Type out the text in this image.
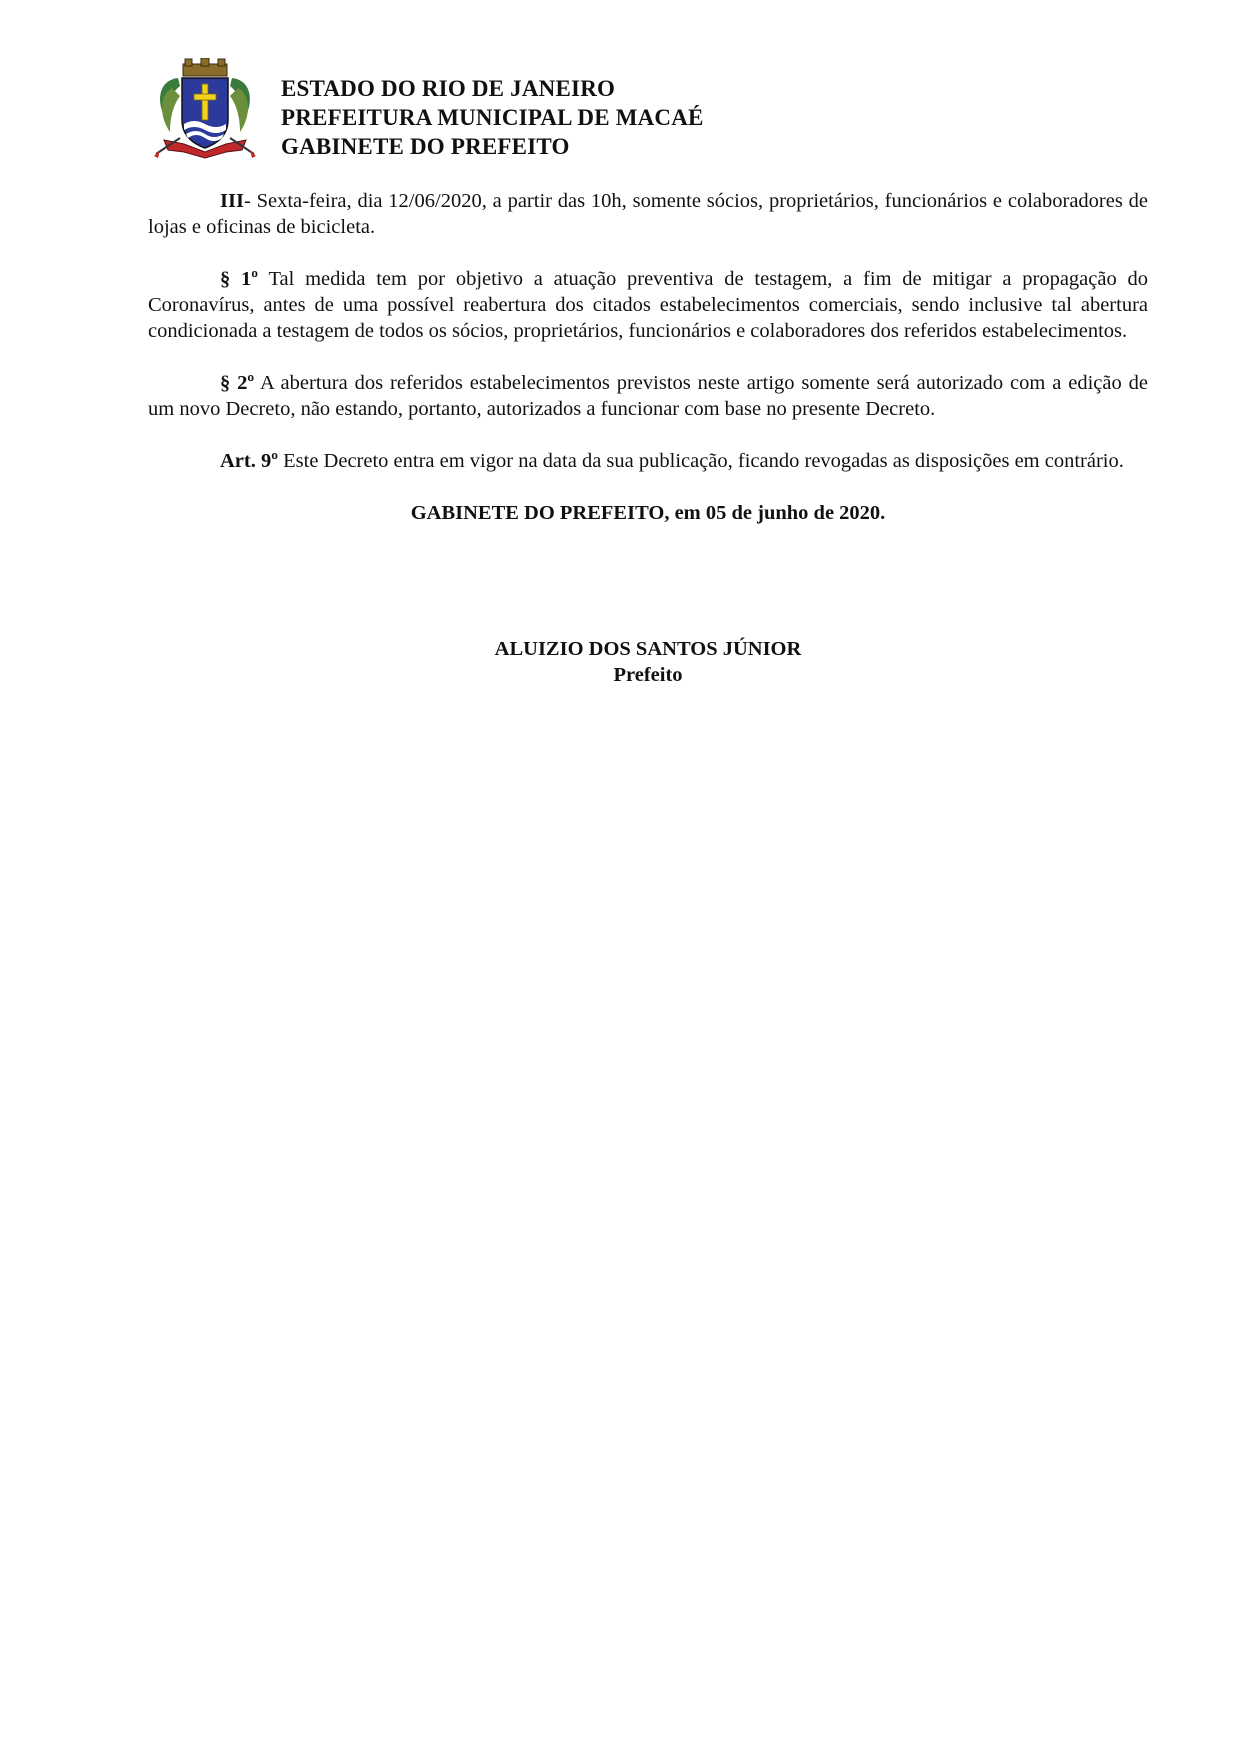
ESTADO DO RIO DE JANEIRO
PREFEITURA MUNICIPAL DE MACAÉ
GABINETE DO PREFEITO

III- Sexta-feira, dia 12/06/2020, a partir das 10h, somente sócios, proprietários, funcionários e colaboradores de lojas e oficinas de bicicleta.

§ 1º Tal medida tem por objetivo a atuação preventiva de testagem, a fim de mitigar a propagação do Coronavírus, antes de uma possível reabertura dos citados estabelecimentos comerciais, sendo inclusive tal abertura condicionada a testagem de todos os sócios, proprietários, funcionários e colaboradores dos referidos estabelecimentos.

§ 2º A abertura dos referidos estabelecimentos previstos neste artigo somente será autorizado com a edição de um novo Decreto, não estando, portanto, autorizados a funcionar com base no presente Decreto.

Art. 9º Este Decreto entra em vigor na data da sua publicação, ficando revogadas as disposições em contrário.

GABINETE DO PREFEITO, em 05 de junho de 2020.

ALUIZIO DOS SANTOS JÚNIOR
Prefeito
